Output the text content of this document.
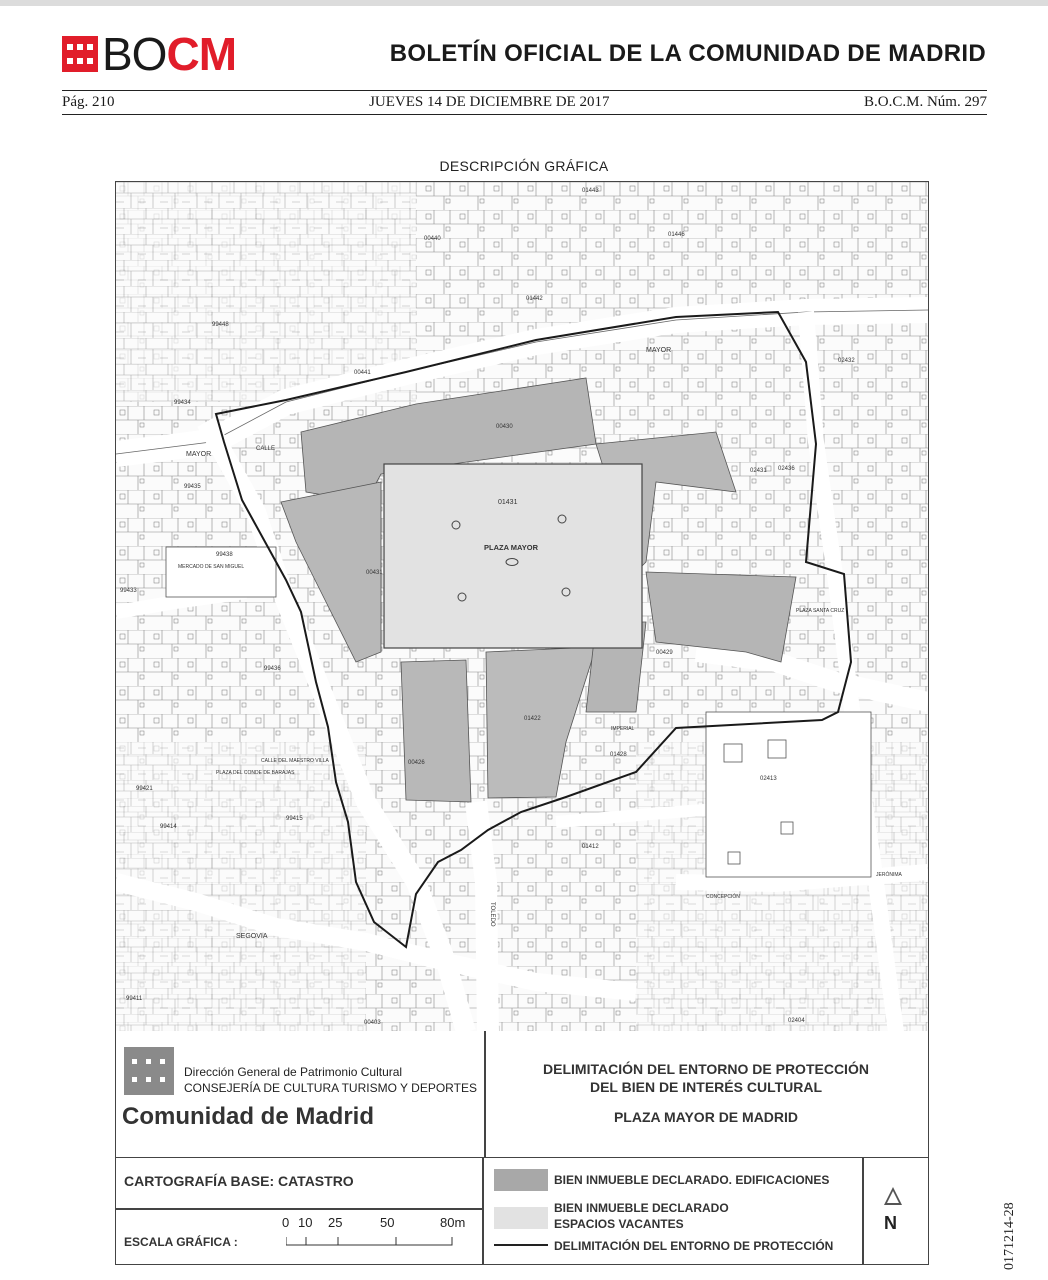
BOCM	BOLETÍN OFICIAL DE LA COMUNIDAD DE MADRID
Pág. 210	JUEVES 14 DE DICIEMBRE DE 2017	B.O.C.M. Núm. 297
DESCRIPCIÓN GRÁFICA
01431
PLAZA MAYOR
MAYOR
MAYOR
SEGOVIA
CALLE
TOLEDO
MERCADO DE SAN MIGUEL
PLAZA DEL CONDE DE BARAJAS
CALLE DEL MAESTRO VILLA
CONCEPCIÓN
JERÓNIMA
PLAZA SANTA CRUZ
IMPERIAL
01443
00440
01442
00441
99434
99435
99438
99436
99433
99421
99414
99415
99411
00403
00430
00431
02431
00426
01428
02413
01412
02404
00429
02432
01422
02436
99448
01446
Dirección General de Patrimonio Cultural
CONSEJERÍA DE CULTURA TURISMO Y DEPORTES
Comunidad de Madrid
DELIMITACIÓN DEL ENTORNO DE PROTECCIÓN
DEL BIEN DE INTERÉS CULTURAL
PLAZA MAYOR DE MADRID
CARTOGRAFÍA BASE: CATASTRO
ESCALA GRÁFICA :
0 10 25	50	80m
BIEN INMUEBLE DECLARADO. EDIFICACIONES
BIEN INMUEBLE DECLARADO
ESPACIOS VACANTES
DELIMITACIÓN DEL ENTORNO DE PROTECCIÓN
N	0171214-28
